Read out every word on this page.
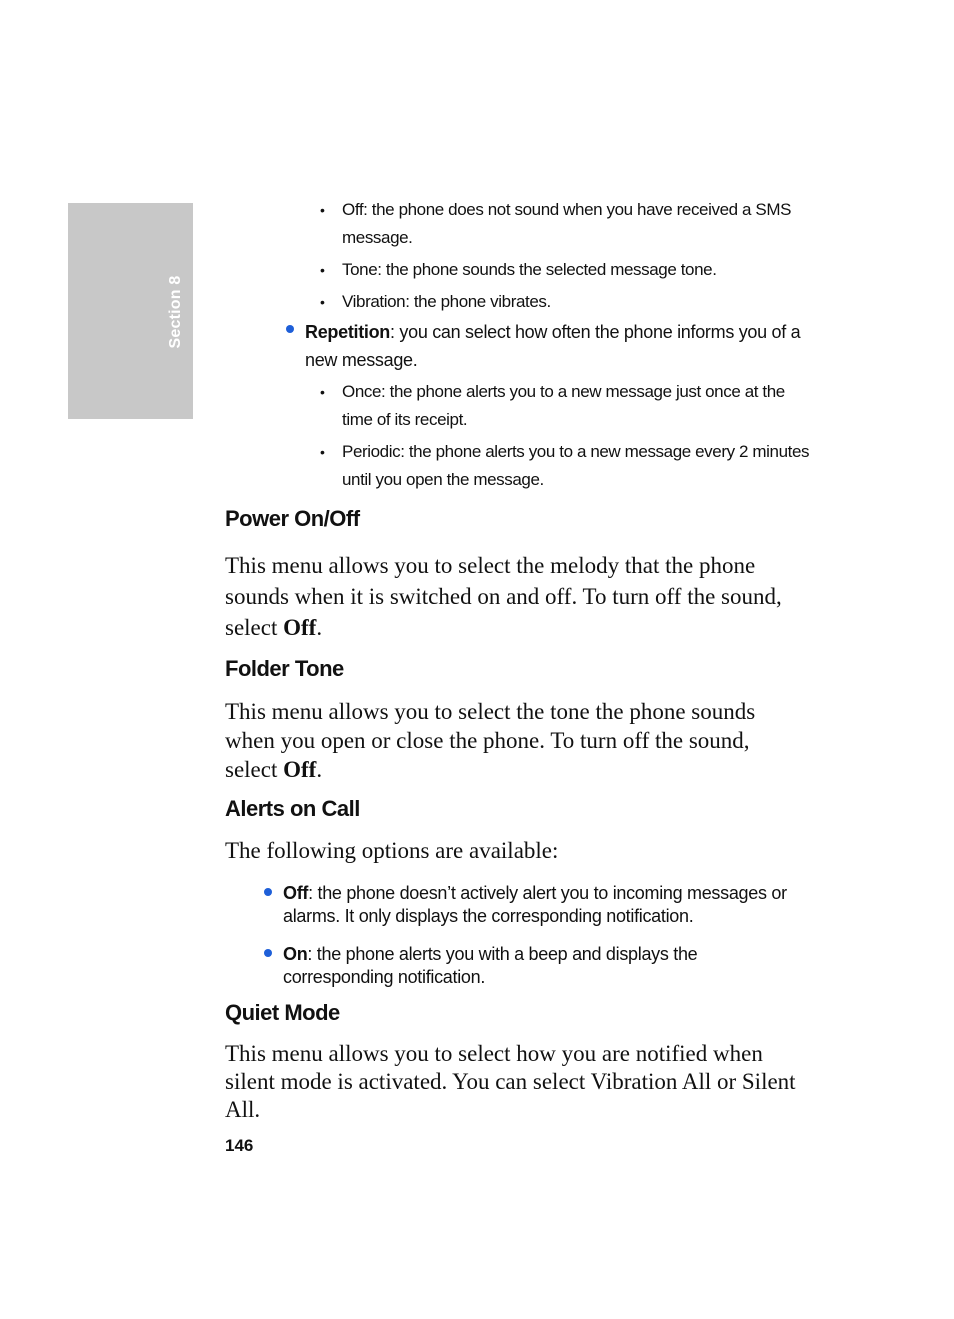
Section 8
• Off: the phone does not sound when you have received a SMS message.
• Tone: the phone sounds the selected message tone.
• Vibration: the phone vibrates.
Repetition: you can select how often the phone informs you of a new message.
• Once: the phone alerts you to a new message just once at the time of its receipt.
• Periodic: the phone alerts you to a new message every 2 minutes until you open the message.
Power On/Off
This menu allows you to select the melody that the phone sounds when it is switched on and off. To turn off the sound, select Off.
Folder Tone
This menu allows you to select the tone the phone sounds when you open or close the phone. To turn off the sound, select Off.
Alerts on Call
The following options are available:
Off: the phone doesn’t actively alert you to incoming messages or alarms. It only displays the corresponding notification.
On: the phone alerts you with a beep and displays the corresponding notification.
Quiet Mode
This menu allows you to select how you are notified when silent mode is activated. You can select Vibration All or Silent All.
146
